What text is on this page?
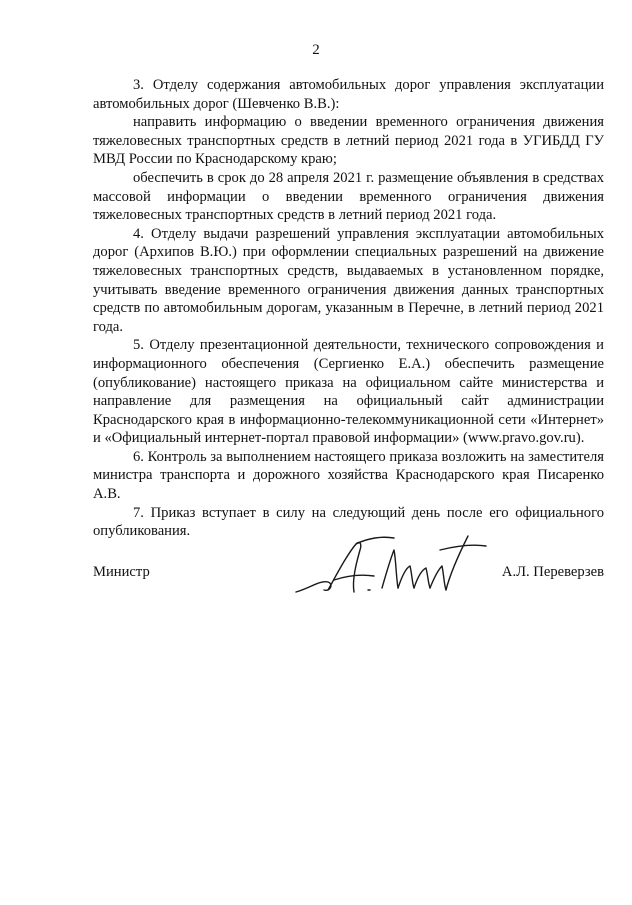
2

3. Отделу содержания автомобильных дорог управления эксплуатации автомобильных дорог (Шевченко В.В.):

направить информацию о введении временного ограничения движения тяжеловесных транспортных средств в летний период 2021 года в УГИБДД ГУ МВД России по Краснодарскому краю;

обеспечить в срок до 28 апреля 2021 г. размещение объявления в средствах массовой информации о введении временного ограничения движения тяжеловесных транспортных средств в летний период 2021 года.

4. Отделу выдачи разрешений управления эксплуатации автомобильных дорог (Архипов В.Ю.) при оформлении специальных разрешений на движение тяжеловесных транспортных средств, выдаваемых в установленном порядке, учитывать введение временного ограничения движения данных транспортных средств по автомобильным дорогам, указанным в Перечне, в летний период 2021 года.

5. Отделу презентационной деятельности, технического сопровождения и информационного обеспечения (Сергиенко Е.А.) обеспечить размещение (опубликование) настоящего приказа на официальном сайте министерства и направление для размещения на официальный сайт администрации Краснодарского края в информационно-телекоммуникационной сети «Интернет» и «Официальный интернет-портал правовой информации» (www.pravo.gov.ru).

6. Контроль за выполнением настоящего приказа возложить на заместителя министра транспорта и дорожного хозяйства Краснодарского края Писаренко А.В.

7. Приказ вступает в силу на следующий день после его официального опубликования.

Министр	А.Л. Переверзев
